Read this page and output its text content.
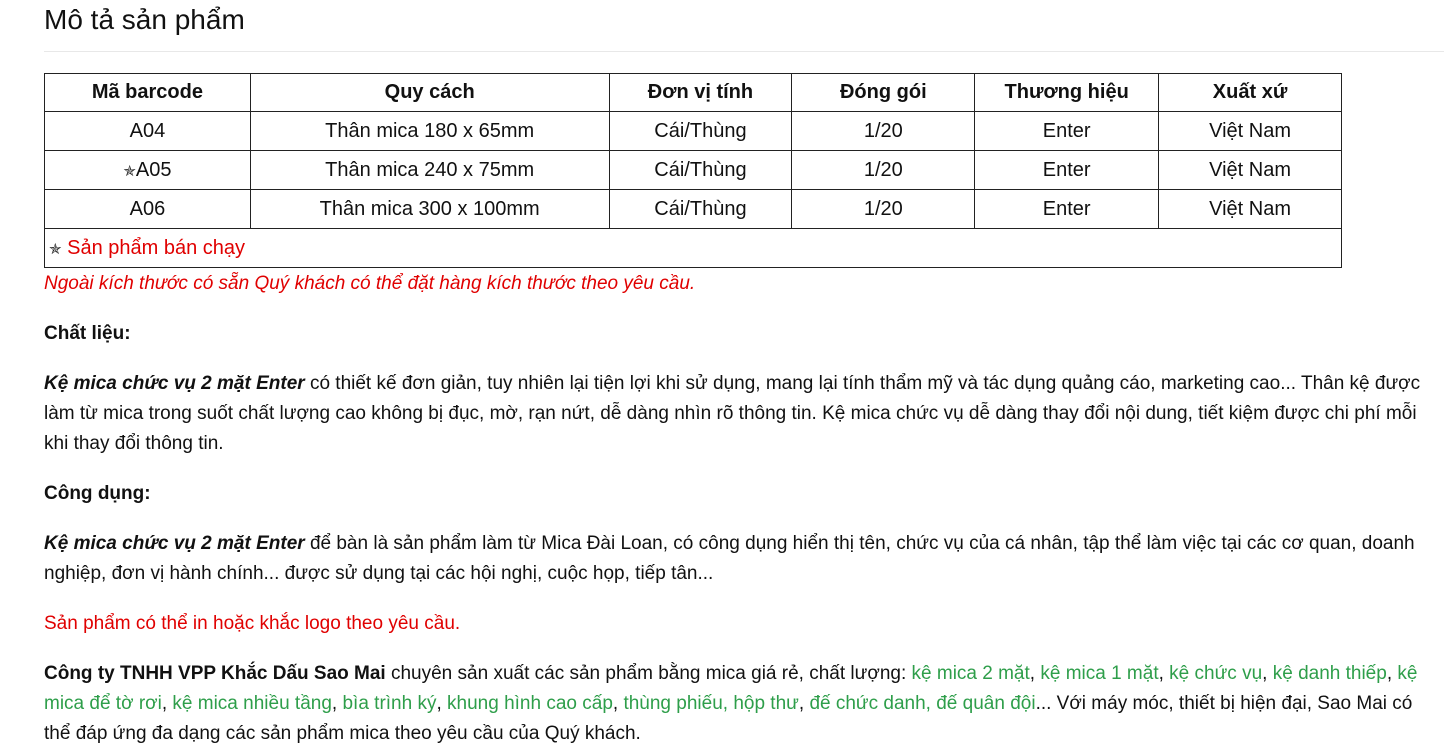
Mô tả sản phẩm
Mã barcode	Quy cách	Đơn vị tính	Đóng gói	Thương hiệu	Xuất xứ
A04	Thân mica 180 x 65mm	Cái/Thùng	1/20	Enter	Việt Nam
✯A05	Thân mica 240 x 75mm	Cái/Thùng	1/20	Enter	Việt Nam
A06	Thân mica 300 x 100mm	Cái/Thùng	1/20	Enter	Việt Nam
✯ Sản phẩm bán chạy					

Ngoài kích thước có sẵn Quý khách có thể đặt hàng kích thước theo yêu cầu.

Chất liệu:

Kệ mica chức vụ 2 mặt Enter có thiết kế đơn giản, tuy nhiên lại tiện lợi khi sử dụng, mang lại tính thẩm mỹ và tác dụng quảng cáo, marketing cao... Thân kệ được làm từ mica trong suốt chất lượng cao không bị đục, mờ, rạn nứt, dễ dàng nhìn rõ thông tin. Kệ mica chức vụ dễ dàng thay đổi nội dung, tiết kiệm được chi phí mỗi khi thay đổi thông tin.

Công dụng:

Kệ mica chức vụ 2 mặt Enter để bàn là sản phẩm làm từ Mica Đài Loan, có công dụng hiển thị tên, chức vụ của cá nhân, tập thể làm việc tại các cơ quan, doanh nghiệp, đơn vị hành chính... được sử dụng tại các hội nghị, cuộc họp, tiếp tân...

Sản phẩm có thể in hoặc khắc logo theo yêu cầu.

Công ty TNHH VPP Khắc Dấu Sao Mai chuyên sản xuất các sản phẩm bằng mica giá rẻ, chất lượng: kệ mica 2 mặt, kệ mica 1 mặt, kệ chức vụ, kệ danh thiếp, kệ mica để tờ rơi, kệ mica nhiều tầng, bìa trình ký, khung hình cao cấp, thùng phiếu, hộp thư, đế chức danh, đế quân đội... Với máy móc, thiết bị hiện đại, Sao Mai có thể đáp ứng đa dạng các sản phẩm mica theo yêu cầu của Quý khách.
